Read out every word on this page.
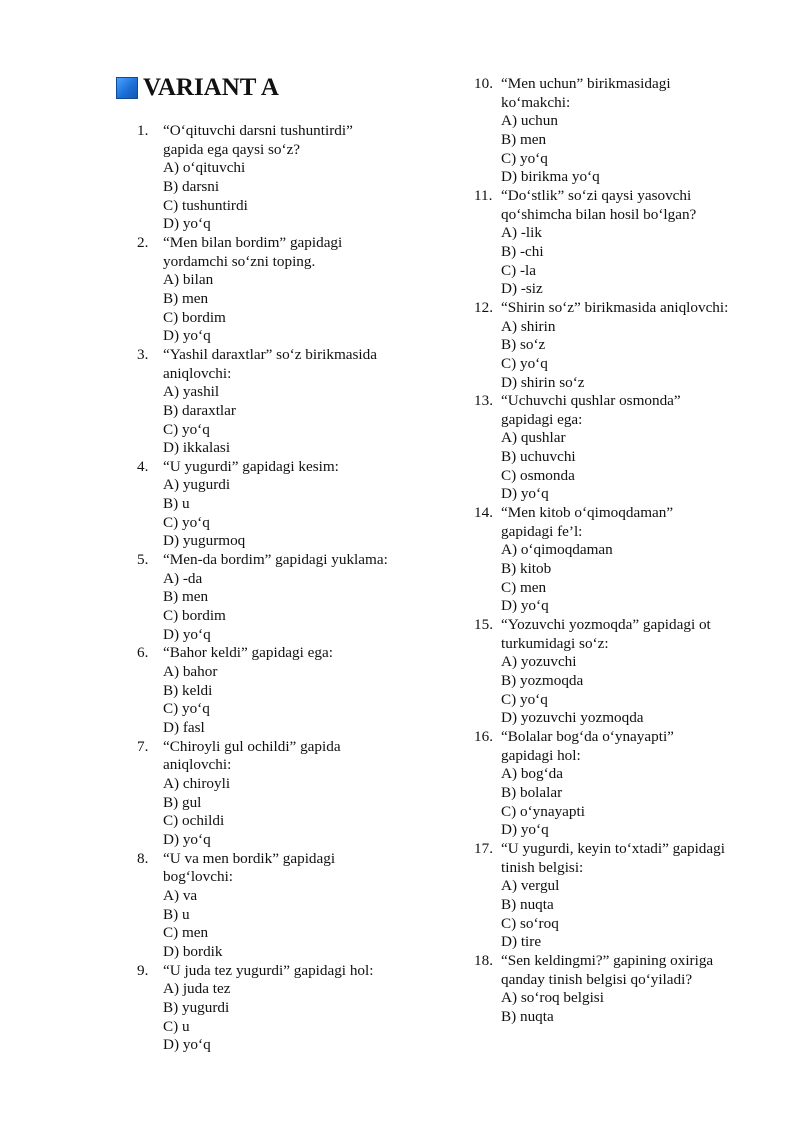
VARIANT A
1. “O‘qituvchi darsni tushuntirdi”
gapida ega qaysi so‘z?
A) o‘qituvchi
B) darsni
C) tushuntirdi
D) yo‘q
2. “Men bilan bordim” gapidagi
yordamchi so‘zni toping.
A) bilan
B) men
C) bordim
D) yo‘q
3. “Yashil daraxtlar” so‘z birikmasida
aniqlovchi:
A) yashil
B) daraxtlar
C) yo‘q
D) ikkalasi
4. “U yugurdi” gapidagi kesim:
A) yugurdi
B) u
C) yo‘q
D) yugurmoq
5. “Men-da bordim” gapidagi yuklama:
A) -da
B) men
C) bordim
D) yo‘q
6. “Bahor keldi” gapidagi ega:
A) bahor
B) keldi
C) yo‘q
D) fasl
7. “Chiroyli gul ochildi” gapida
aniqlovchi:
A) chiroyli
B) gul
C) ochildi
D) yo‘q
8. “U va men bordik” gapidagi
bog‘lovchi:
A) va
B) u
C) men
D) bordik
9. “U juda tez yugurdi” gapidagi hol:
A) juda tez
B) yugurdi
C) u
D) yo‘q
10. “Men uchun” birikmasidagi
ko‘makchi:
A) uchun
B) men
C) yo‘q
D) birikma yo‘q
11. “Do‘stlik” so‘zi qaysi yasovchi
qo‘shimcha bilan hosil bo‘lgan?
A) -lik
B) -chi
C) -la
D) -siz
12. “Shirin so‘z” birikmasida aniqlovchi:
A) shirin
B) so‘z
C) yo‘q
D) shirin so‘z
13. “Uchuvchi qushlar osmonda”
gapidagi ega:
A) qushlar
B) uchuvchi
C) osmonda
D) yo‘q
14. “Men kitob o‘qimoqdaman”
gapidagi fe’l:
A) o‘qimoqdaman
B) kitob
C) men
D) yo‘q
15. “Yozuvchi yozmoqda” gapidagi ot
turkumidagi so‘z:
A) yozuvchi
B) yozmoqda
C) yo‘q
D) yozuvchi yozmoqda
16. “Bolalar bog‘da o‘ynayapti”
gapidagi hol:
A) bog‘da
B) bolalar
C) o‘ynayapti
D) yo‘q
17. “U yugurdi, keyin to‘xtadi” gapidagi
tinish belgisi:
A) vergul
B) nuqta
C) so‘roq
D) tire
18. “Sen keldingmi?” gapining oxiriga
qanday tinish belgisi qo‘yiladi?
A) so‘roq belgisi
B) nuqta
